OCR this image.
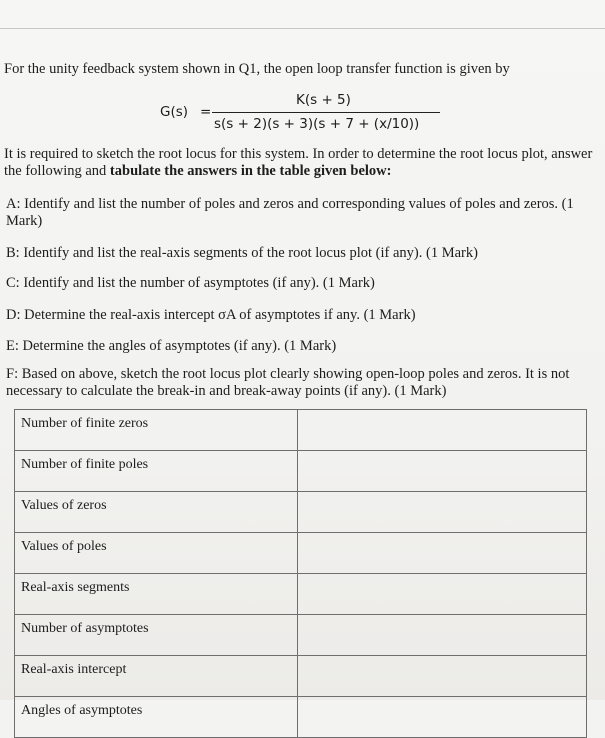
For the unity feedback system shown in Q1, the open loop transfer function is given by
G(s) =
K(s + 5)
s(s + 2)(s + 3)(s + 7 + (x/10))
It is required to sketch the root locus for this system. In order to determine the root locus plot, answer the following and tabulate the answers in the table given below:
A: Identify and list the number of poles and zeros and corresponding values of poles and zeros. (1 Mark)
B: Identify and list the real-axis segments of the root locus plot (if any). (1 Mark)
C: Identify and list the number of asymptotes (if any). (1 Mark)
D: Determine the real-axis intercept σA of asymptotes if any. (1 Mark)
E: Determine the angles of asymptotes (if any). (1 Mark)
F: Based on above, sketch the root locus plot clearly showing open-loop poles and zeros. It is not necessary to calculate the break-in and break-away points (if any). (1 Mark)
Number of finite zeros	
Number of finite poles	
Values of zeros	
Values of poles	
Real-axis segments	
Number of asymptotes	
Real-axis intercept	
Angles of asymptotes	
